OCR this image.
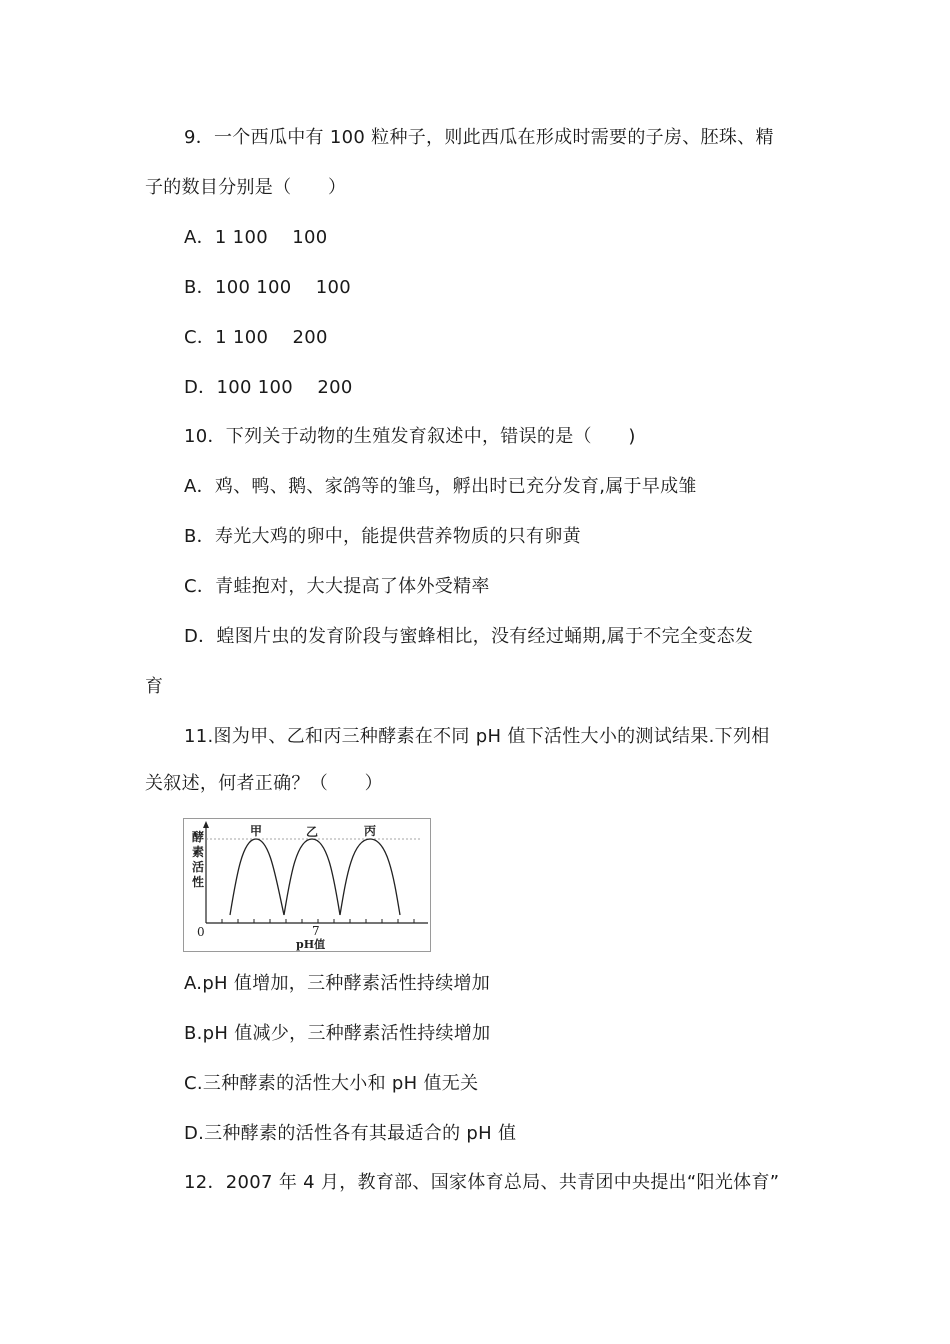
9．一个西瓜中有 100 粒种子，则此西瓜在形成时需要的子房、胚珠、精
子的数目分别是（　　）
A．1 100　 100
B．100 100　 100
C．1 100　 200
D．100 100　 200
10．下列关于动物的生殖发育叙述中，错误的是（　　)
A．鸡、鸭、鹅、家鸽等的雏鸟，孵出时已充分发育,属于早成雏
B．寿光大鸡的卵中，能提供营养物质的只有卵黄
C．青蛙抱对，大大提高了体外受精率
D．蝗图片虫的发育阶段与蜜蜂相比，没有经过蛹期,属于不完全变态发
育
11.图为甲、乙和丙三种酵素在不同 pH 值下活性大小的测试结果.下列相
关叙述，何者正确？（　　）
酵
素
活
性
甲	乙	丙
0	7
pH值
A.pH 值增加，三种酵素活性持续增加
B.pH 值减少，三种酵素活性持续增加
C.三种酵素的活性大小和 pH 值无关
D.三种酵素的活性各有其最适合的 pH 值
12．2007 年 4 月，教育部、国家体育总局、共青团中央提出“阳光体育”
